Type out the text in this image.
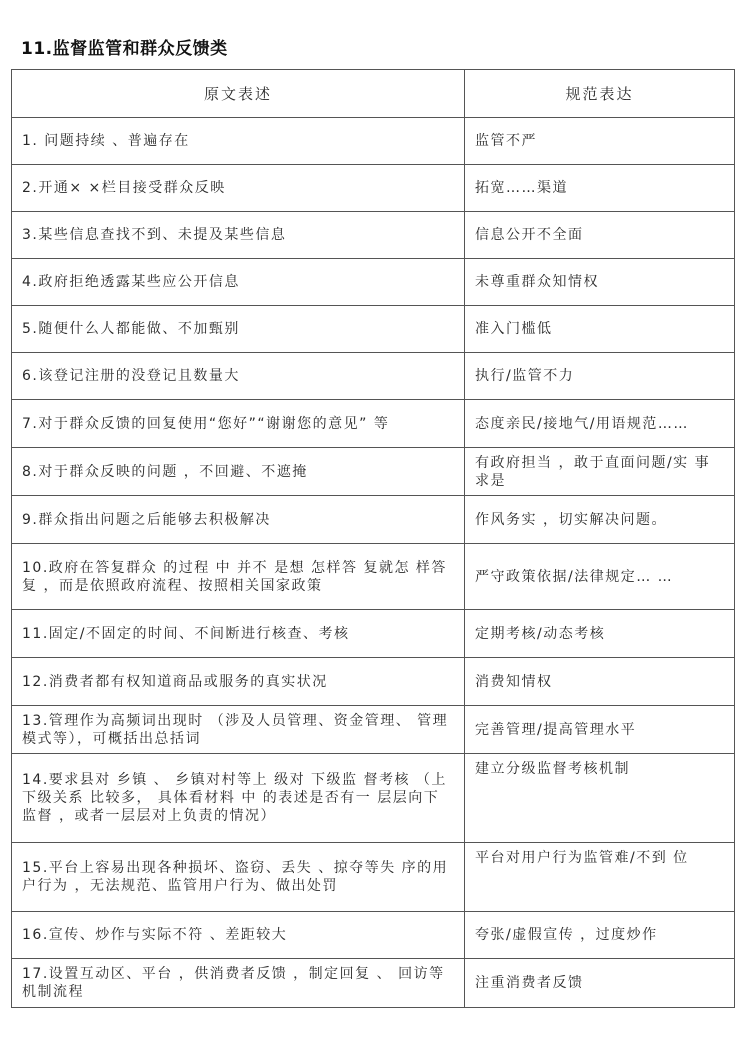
11.监督监管和群众反馈类
原文表述	规范表达
1. 问题持续 、普遍存在	监管不严
2.开通× ×栏目接受群众反映	拓宽……渠道
3.某些信息查找不到、未提及某些信息	信息公开不全面
4.政府拒绝透露某些应公开信息	未尊重群众知情权
5.随便什么人都能做、不加甄别	准入门槛低
6.该登记注册的没登记且数量大	执行/监管不力
7.对于群众反馈的回复使用“您好”“谢谢您的意见” 等	态度亲民/接地气/用语规范……
8.对于群众反映的问题 ，不回避、不遮掩	有政府担当 ，敢于直面问题/实 事求是
9.群众指出问题之后能够去积极解决	作风务实 ，切实解决问题。
10.政府在答复群众 的过程 中 并不 是想 怎样答 复就怎 样答复 ，而是依照政府流程、按照相关国家政策	严守政策依据/法律规定… …
11.固定/不固定的时间、不间断进行核查、考核	定期考核/动态考核
12.消费者都有权知道商品或服务的真实状况	消费知情权
13.管理作为高频词出现时 （涉及人员管理、资金管理、 管理模式等），可概括出总括词	完善管理/提高管理水平
14.要求县对 乡镇 、 乡镇对村等上 级对 下级监 督考核 （上下级关系 比较多， 具体看材料 中 的表述是否有一 层层向下监督 ，或者一层层对上负责的情况）	建立分级监督考核机制
15.平台上容易出现各种损坏、盗窃、丢失 、掠夺等失 序的用户行为 ，无法规范、监管用户行为、做出处罚	平台对用户行为监管难/不到 位
16.宣传、炒作与实际不符 、差距较大	夸张/虚假宣传 ，过度炒作
17.设置互动区、平台 ，供消费者反馈 ，制定回复 、 回访等机制流程	注重消费者反馈
